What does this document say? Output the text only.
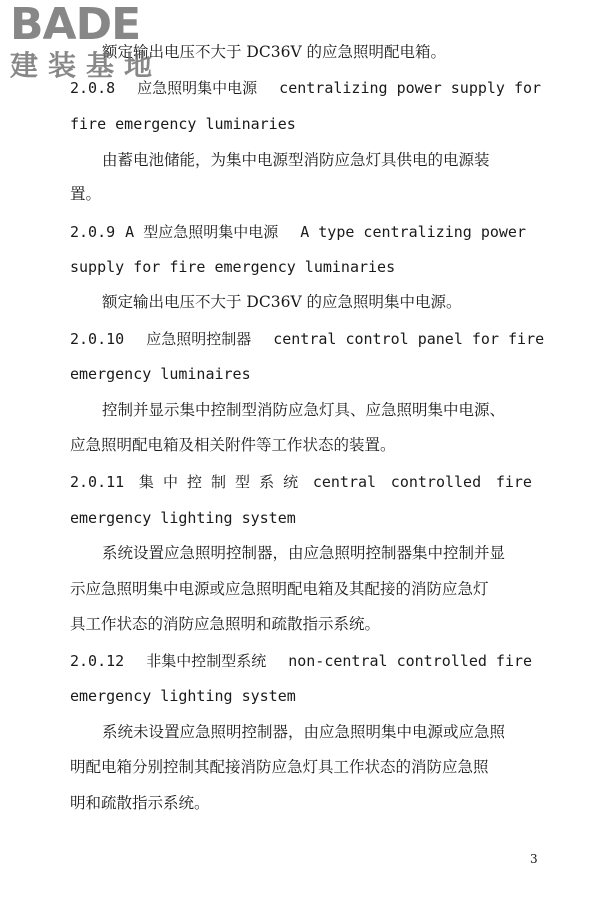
BADE
建装基地
额定输出电压不大于 DC36V 的应急照明配电箱。
2.0.8 应急照明集中电源 centralizing power supply for
fire emergency luminaries
由蓄电池储能，为集中电源型消防应急灯具供电的电源装
置。
2.0.9 A 型应急照明集中电源 A type centralizing power
supply for fire emergency luminaries
额定输出电压不大于 DC36V 的应急照明集中电源。
2.0.10 应急照明控制器 central control panel for fire
emergency luminaires
控制并显示集中控制型消防应急灯具、应急照明集中电源、
应急照明配电箱及相关附件等工作状态的装置。
2.0.11 集 中 控 制 型 系 统 central controlled fire
emergency lighting system
系统设置应急照明控制器，由应急照明控制器集中控制并显
示应急照明集中电源或应急照明配电箱及其配接的消防应急灯
具工作状态的消防应急照明和疏散指示系统。
2.0.12 非集中控制型系统 non-central controlled fire
emergency lighting system
系统未设置应急照明控制器，由应急照明集中电源或应急照
明配电箱分别控制其配接消防应急灯具工作状态的消防应急照
明和疏散指示系统。
3
